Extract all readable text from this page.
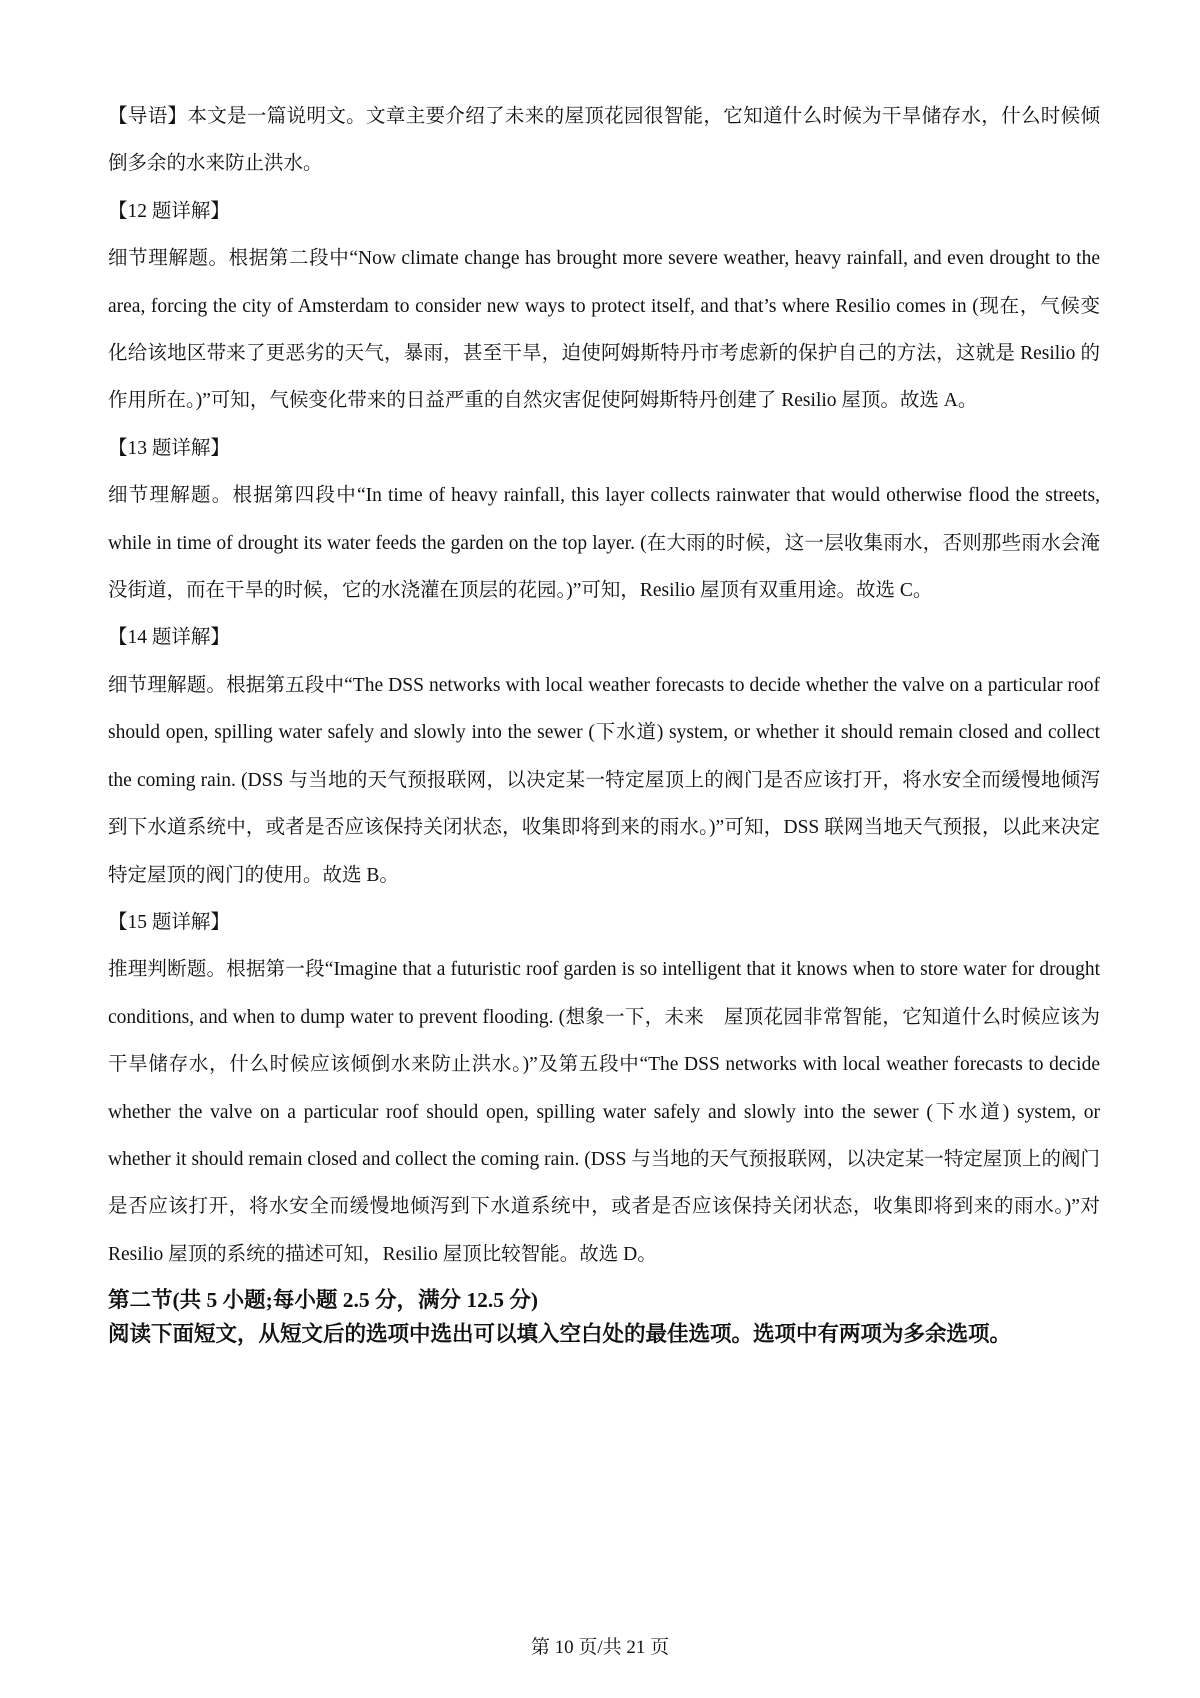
【导语】本文是一篇说明文。文章主要介绍了未来的屋顶花园很智能，它知道什么时候为干旱储存水，什么时候倾倒多余的水来防止洪水。

【12 题详解】

细节理解题。根据第二段中“Now climate change has brought more severe weather, heavy rainfall, and even drought to the area, forcing the city of Amsterdam to consider new ways to protect itself, and that’s where Resilio comes in (现在，气候变化给该地区带来了更恶劣的天气，暴雨，甚至干旱，迫使阿姆斯特丹市考虑新的保护自己的方法，这就是 Resilio 的作用所在。)”可知，气候变化带来的日益严重的自然灾害促使阿姆斯特丹创建了 Resilio 屋顶。故选 A。

【13 题详解】

细节理解题。根据第四段中“In time of heavy rainfall, this layer collects rainwater that would otherwise flood the streets, while in time of drought its water feeds the garden on the top layer. (在大雨的时候，这一层收集雨水，否则那些雨水会淹没街道，而在干旱的时候，它的水浇灌在顶层的花园。)”可知，Resilio 屋顶有双重用途。故选 C。

【14 题详解】

细节理解题。根据第五段中“The DSS networks with local weather forecasts to decide whether the valve on a particular roof should open, spilling water safely and slowly into the sewer (下水道) system, or whether it should remain closed and collect the coming rain. (DSS 与当地的天气预报联网，以决定某一特定屋顶上的阀门是否应该打开，将水安全而缓慢地倾泻到下水道系统中，或者是否应该保持关闭状态，收集即将到来的雨水。)”可知，DSS 联网当地天气预报，以此来决定特定屋顶的阀门的使用。故选 B。

【15 题详解】

推理判断题。根据第一段“Imagine that a futuristic roof garden is so intelligent that it knows when to store water for drought conditions, and when to dump water to prevent flooding. (想象一下，未来　屋顶花园非常智能，它知道什么时候应该为干旱储存水，什么时候应该倾倒水来防止洪水。)”及第五段中“The DSS networks with local weather forecasts to decide whether the valve on a particular roof should open, spilling water safely and slowly into the sewer (下水道) system, or whether it should remain closed and collect the coming rain. (DSS 与当地的天气预报联网，以决定某一特定屋顶上的阀门是否应该打开，将水安全而缓慢地倾泻到下水道系统中，或者是否应该保持关闭状态，收集即将到来的雨水。)”对 Resilio 屋顶的系统的描述可知，Resilio 屋顶比较智能。故选 D。

第二节(共 5 小题;每小题 2.5 分，满分 12.5 分)

阅读下面短文，从短文后的选项中选出可以填入空白处的最佳选项。选项中有两项为多余选项。

第 10 页/共 21 页
